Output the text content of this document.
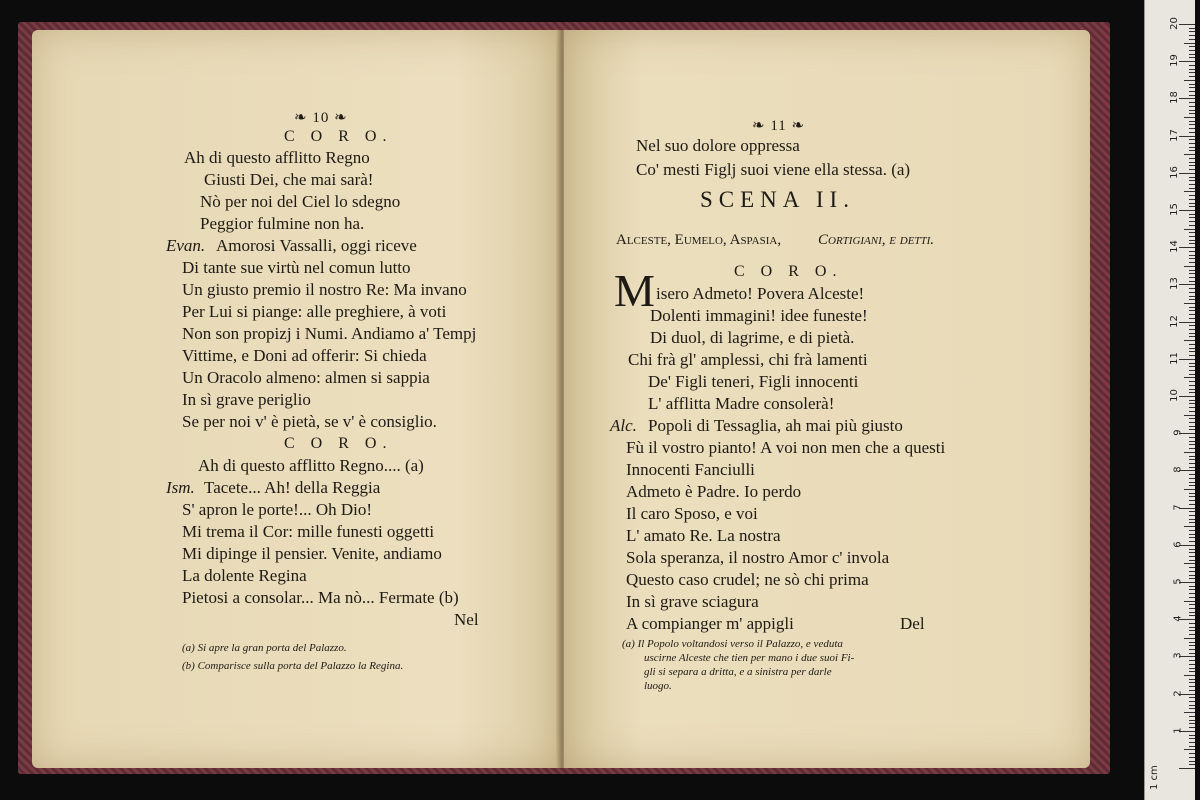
❧ 10 ❧
C O R O.
Ah di questo afflitto Regno
Giusti Dei, che mai sarà!
Nò per noi del Ciel lo sdegno
Peggior fulmine non ha.
Evan. Amorosi Vassalli, oggi riceve
Di tante sue virtù nel comun lutto
Un giusto premio il nostro Re: Ma invano
Per Lui si piange: alle preghiere, à voti
Non son propizj i Numi. Andiamo a' Tempj
Vittime, e Doni ad offerir: Si chieda
Un Oracolo almeno: almen si sappia
In sì grave periglio
Se per noi v' è pietà, se v' è consiglio.
C O R O.
Ah di questo afflitto Regno.... (a)
Ism. Tacete... Ah! della Reggia
S' apron le porte!... Oh Dio!
Mi trema il Cor: mille funesti oggetti
Mi dipinge il pensier. Venite, andiamo
La dolente Regina
Pietosi a consolar... Ma nò... Fermate (b)
Nel
(a) Si apre la gran porta del Palazzo.
(b) Comparisce sulla porta del Palazzo la Regina.
❧ 11 ❧
Nel suo dolore oppressa
Co' mesti Figlj suoi viene ella stessa. (a)
SCENA II.
Alceste, Eumelo, Aspasia, Cortigiani, e detti.
C O R O.
M isero Admeto! Povera Alceste!
Dolenti immagini! idee funeste!
Di duol, di lagrime, e di pietà.
Chi frà gl' amplessi, chi frà lamenti
De' Figli teneri, Figli innocenti
L' afflitta Madre consolerà!
Alc. Popoli di Tessaglia, ah mai più giusto
Fù il vostro pianto! A voi non men che a questi
Innocenti Fanciulli
Admeto è Padre. Io perdo
Il caro Sposo, e voi
L' amato Re. La nostra
Sola speranza, il nostro Amor c' invola
Questo caso crudel; ne sò chi prima
In sì grave sciagura
A compianger m' appigli	Del
(a) Il Popolo voltandosi verso il Palazzo, e veduta
uscirne Alceste che tien per mano i due suoi Fi-
gli si separa a dritta, e a sinistra per darle
luogo.
1 cm
1
2
3
4
5
6
7
8
9
10
11
12
13
14
15
16
17
18
19
20
